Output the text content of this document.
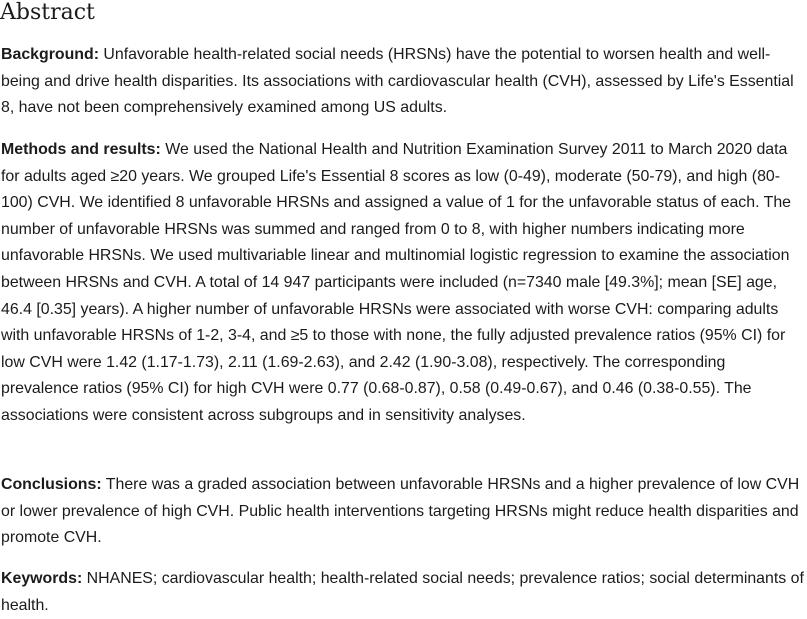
Abstract

Background: Unfavorable health-related social needs (HRSNs) have the potential to worsen health and well-being and drive health disparities. Its associations with cardiovascular health (CVH), assessed by Life's Essential 8, have not been comprehensively examined among US adults.

Methods and results: We used the National Health and Nutrition Examination Survey 2011 to March 2020 data for adults aged ≥20 years. We grouped Life's Essential 8 scores as low (0-49), moderate (50-79), and high (80-100) CVH. We identified 8 unfavorable HRSNs and assigned a value of 1 for the unfavorable status of each. The number of unfavorable HRSNs was summed and ranged from 0 to 8, with higher numbers indicating more unfavorable HRSNs. We used multivariable linear and multinomial logistic regression to examine the association between HRSNs and CVH. A total of 14 947 participants were included (n=7340 male [49.3%]; mean [SE] age, 46.4 [0.35] years). A higher number of unfavorable HRSNs were associated with worse CVH: comparing adults with unfavorable HRSNs of 1-2, 3-4, and ≥5 to those with none, the fully adjusted prevalence ratios (95% CI) for low CVH were 1.42 (1.17-1.73), 2.11 (1.69-2.63), and 2.42 (1.90-3.08), respectively. The corresponding prevalence ratios (95% CI) for high CVH were 0.77 (0.68-0.87), 0.58 (0.49-0.67), and 0.46 (0.38-0.55). The associations were consistent across subgroups and in sensitivity analyses.

Conclusions: There was a graded association between unfavorable HRSNs and a higher prevalence of low CVH or lower prevalence of high CVH. Public health interventions targeting HRSNs might reduce health disparities and promote CVH.

Keywords: NHANES; cardiovascular health; health-related social needs; prevalence ratios; social determinants of health.
